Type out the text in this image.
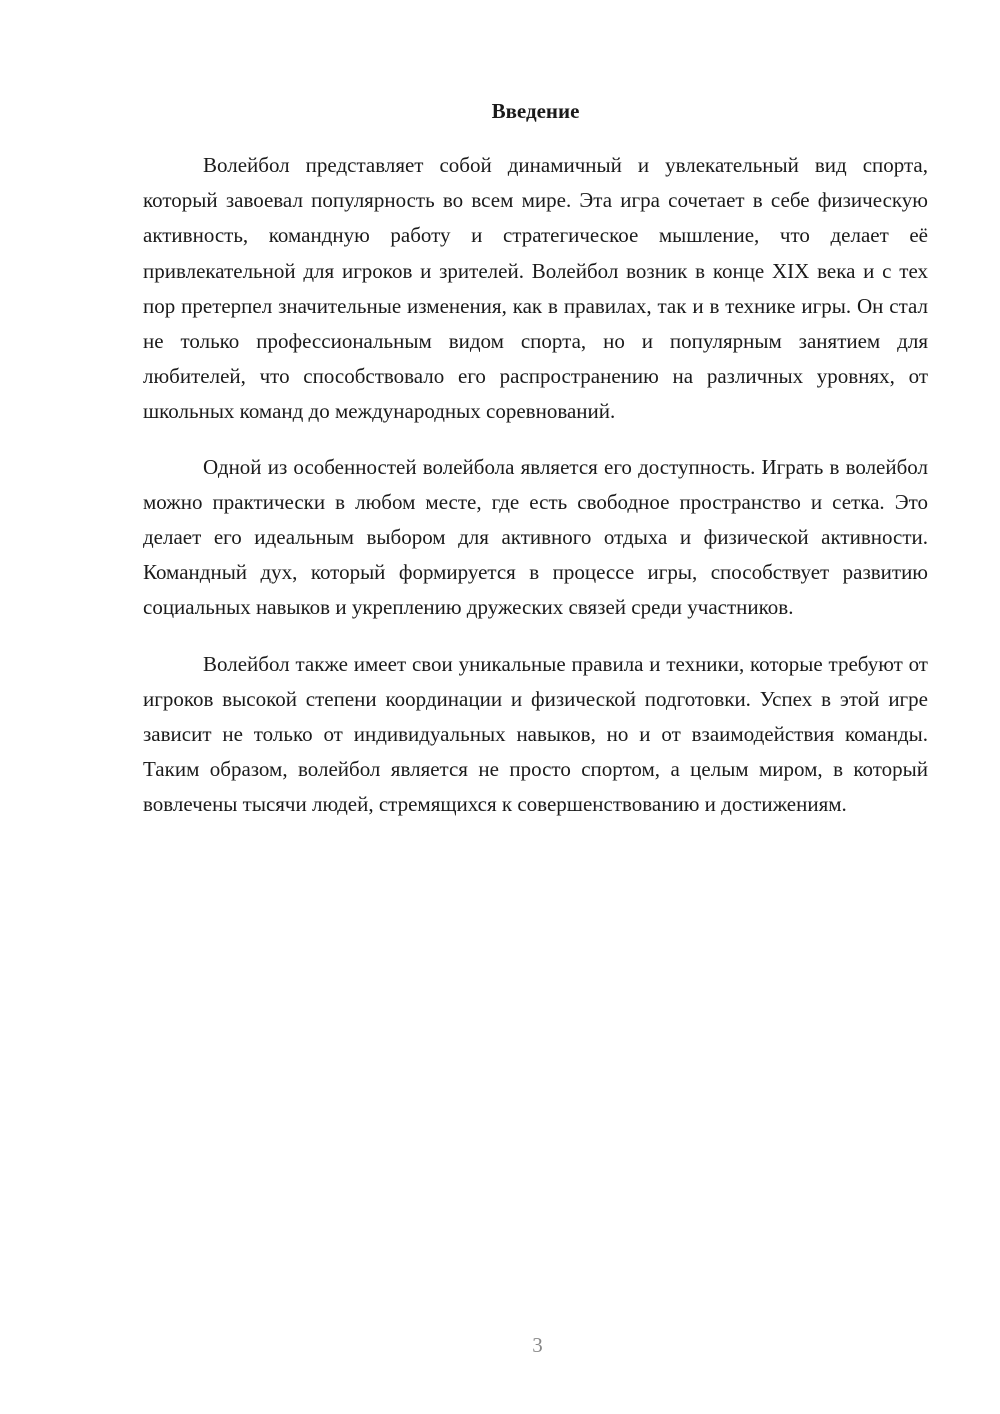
Введение

Волейбол представляет собой динамичный и увлекательный вид спорта, который завоевал популярность во всем мире. Эта игра сочетает в себе физическую активность, командную работу и стратегическое мышление, что делает её привлекательной для игроков и зрителей. Волейбол возник в конце XIX века и с тех пор претерпел значительные изменения, как в правилах, так и в технике игры. Он стал не только профессиональным видом спорта, но и популярным занятием для любителей, что способствовало его распространению на различных уровнях, от школьных команд до международных соревнований.

Одной из особенностей волейбола является его доступность. Играть в волейбол можно практически в любом месте, где есть свободное пространство и сетка. Это делает его идеальным выбором для активного отдыха и физической активности. Командный дух, который формируется в процессе игры, способствует развитию социальных навыков и укреплению дружеских связей среди участников.

Волейбол также имеет свои уникальные правила и техники, которые требуют от игроков высокой степени координации и физической подготовки. Успех в этой игре зависит не только от индивидуальных навыков, но и от взаимодействия команды. Таким образом, волейбол является не просто спортом, а целым миром, в который вовлечены тысячи людей, стремящихся к совершенствованию и достижениям.

3
